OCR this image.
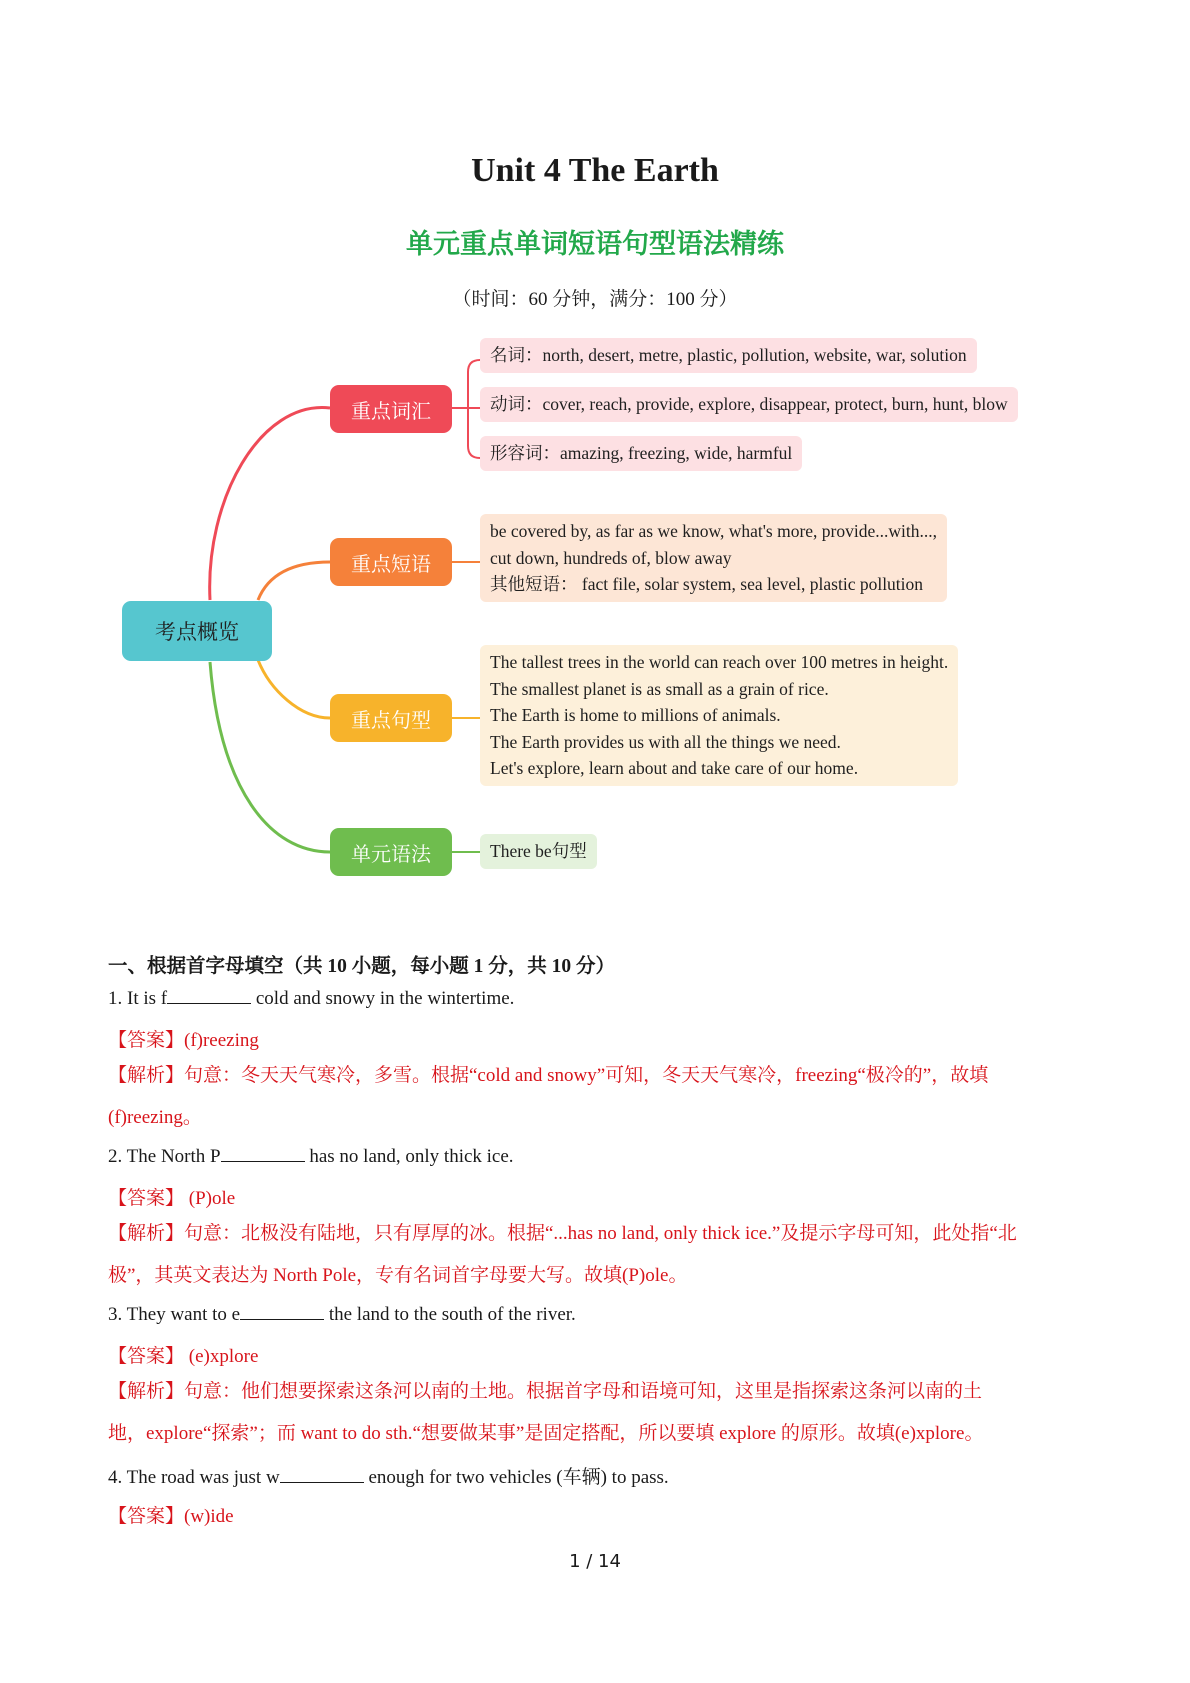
Unit 4 The Earth
单元重点单词短语句型语法精练
（时间：60 分钟，满分：100 分）
考点概览
重点词汇
重点短语
重点句型
单元语法
名词：north, desert, metre, plastic, pollution, website, war, solution
动词：cover, reach, provide, explore, disappear, protect, burn, hunt, blow
形容词：amazing, freezing, wide, harmful
be covered by, as far as we know, what's more, provide...with...,
cut down, hundreds of, blow away
其他短语： fact file, solar system, sea level, plastic pollution
The tallest trees in the world can reach over 100 metres in height.
The smallest planet is as small as a grain of rice.
The Earth is home to millions of animals.
The Earth provides us with all the things we need.
Let's explore, learn about and take care of our home.
There be句型
一、根据首字母填空（共 10 小题，每小题 1 分，共 10 分）
1. It is f	cold and snowy in the wintertime.
【答案】(f)reezing
【解析】句意：冬天天气寒冷，多雪。根据“cold and snowy”可知，冬天天气寒冷，freezing“极冷的”，故填
(f)reezing。
2. The North P	has no land, only thick ice.
【答案】 (P)ole
【解析】句意：北极没有陆地，只有厚厚的冰。根据“...has no land, only thick ice.”及提示字母可知，此处指“北
极”，其英文表达为 North Pole，专有名词首字母要大写。故填(P)ole。
3. They want to e	the land to the south of the river.
【答案】 (e)xplore
【解析】句意：他们想要探索这条河以南的土地。根据首字母和语境可知，这里是指探索这条河以南的土
地，explore“探索”；而 want to do sth.“想要做某事”是固定搭配，所以要填 explore 的原形。故填(e)xplore。
4. The road was just w	enough for two vehicles (车辆) to pass.
【答案】(w)ide
1 / 14
